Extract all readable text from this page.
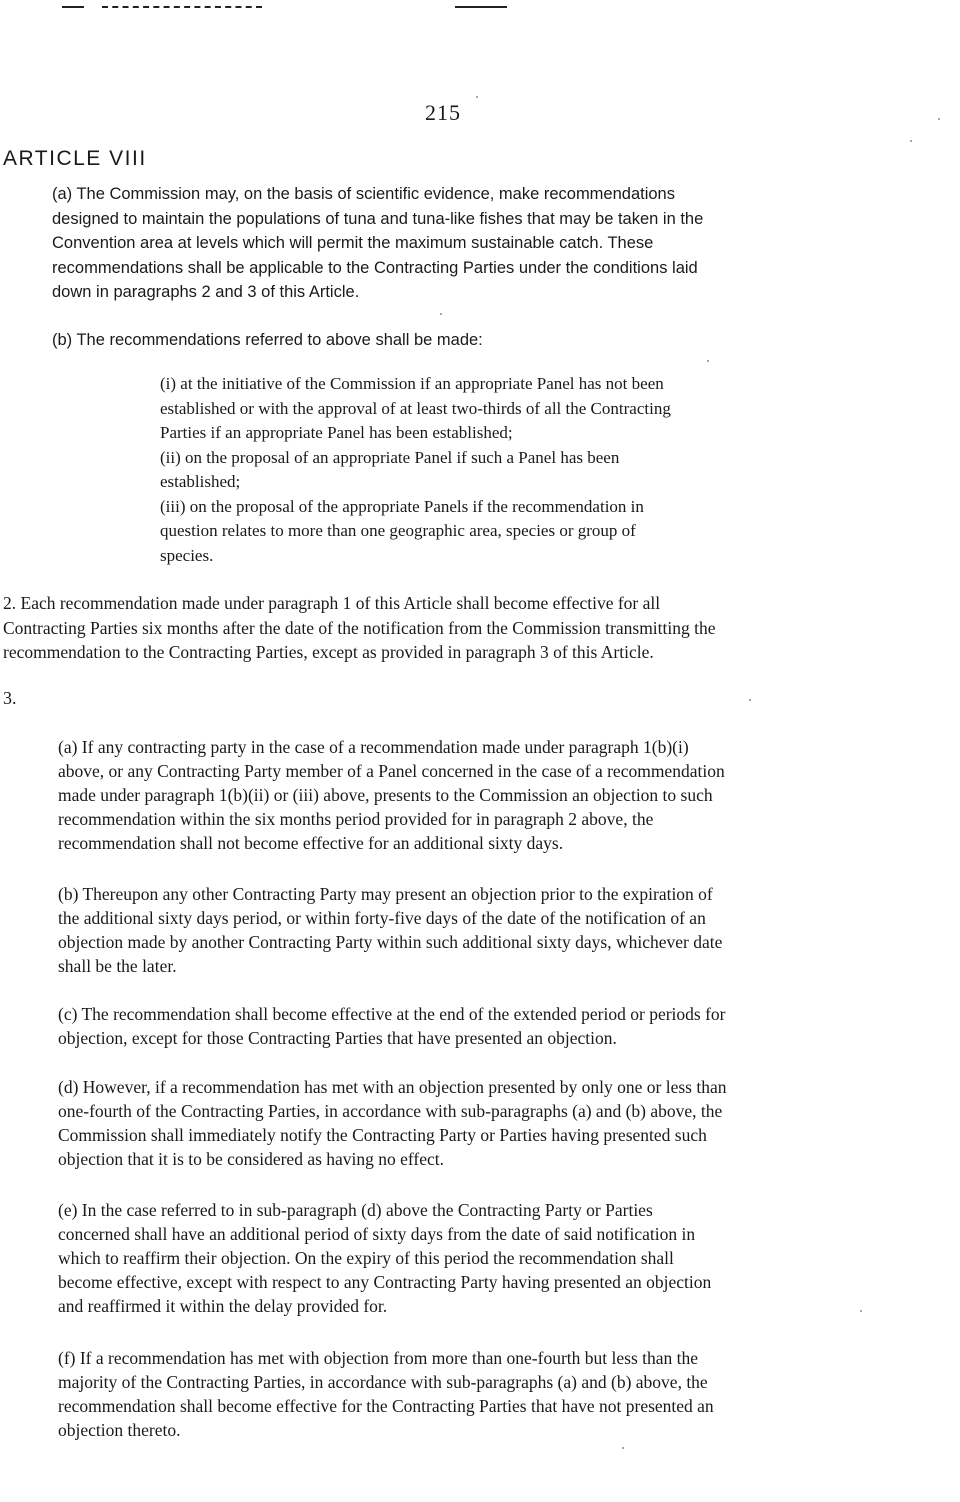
215
ARTICLE VIII

(a) The Commission may, on the basis of scientific evidence, make recommendations

designed to maintain the populations of tuna and tuna-like fishes that may be taken in the

Convention area at levels which will permit the maximum sustainable catch. These

recommendations shall be applicable to the Contracting Parties under the conditions laid

down in paragraphs 2 and 3 of this Article.

(b) The recommendations referred to above shall be made:

(i) at the initiative of the Commission if an appropriate Panel has not been

established or with the approval of at least two-thirds of all the Contracting

Parties if an appropriate Panel has been established;

(ii) on the proposal of an appropriate Panel if such a Panel has been

established;

(iii) on the proposal of the appropriate Panels if the recommendation in

question relates to more than one geographic area, species or group of

species.

2. Each recommendation made under paragraph 1 of this Article shall become effective for all

Contracting Parties six months after the date of the notification from the Commission transmitting the

recommendation to the Contracting Parties, except as provided in paragraph 3 of this Article.

3.

(a) If any contracting party in the case of a recommendation made under paragraph 1(b)(i)

above, or any Contracting Party member of a Panel concerned in the case of a recommendation

made under paragraph 1(b)(ii) or (iii) above, presents to the Commission an objection to such

recommendation within the six months period provided for in paragraph 2 above, the

recommendation shall not become effective for an additional sixty days.

(b) Thereupon any other Contracting Party may present an objection prior to the expiration of

the additional sixty days period, or within forty-five days of the date of the notification of an

objection made by another Contracting Party within such additional sixty days, whichever date

shall be the later.

(c) The recommendation shall become effective at the end of the extended period or periods for

objection, except for those Contracting Parties that have presented an objection.

(d) However, if a recommendation has met with an objection presented by only one or less than

one-fourth of the Contracting Parties, in accordance with sub-paragraphs (a) and (b) above, the

Commission shall immediately notify the Contracting Party or Parties having presented such

objection that it is to be considered as having no effect.

(e) In the case referred to in sub-paragraph (d) above the Contracting Party or Parties

concerned shall have an additional period of sixty days from the date of said notification in

which to reaffirm their objection. On the expiry of this period the recommendation shall

become effective, except with respect to any Contracting Party having presented an objection

and reaffirmed it within the delay provided for.

(f) If a recommendation has met with objection from more than one-fourth but less than the

majority of the Contracting Parties, in accordance with sub-paragraphs (a) and (b) above, the

recommendation shall become effective for the Contracting Parties that have not presented an

objection thereto.
